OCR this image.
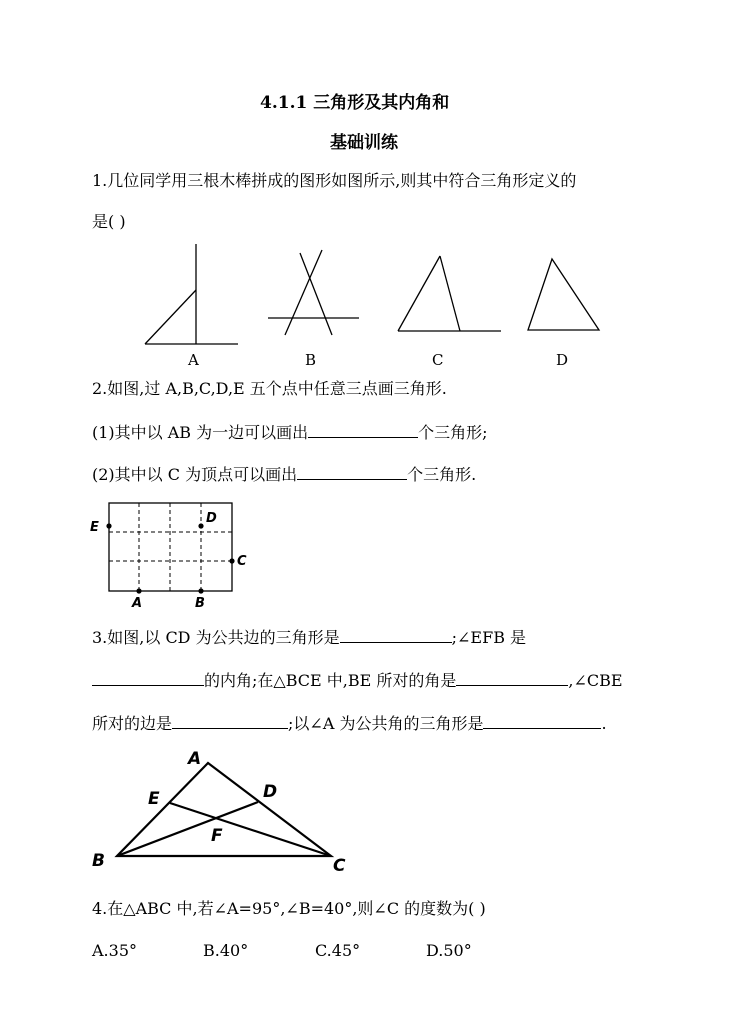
4.1.1 三角形及其内角和
基础训练
1.几位同学用三根木棒拼成的图形如图所示,则其中符合三角形定义的
是( )
A	B	C	D
2.如图,过 A,B,C,D,E 五个点中任意三点画三角形.
(1)其中以 AB 为一边可以画出	个三角形;
(2)其中以 C 为顶点可以画出	个三角形.
E
D
C
A	B
3.如图,以 CD 为公共边的三角形是	;∠EFB 是
的内角;在△BCE 中,BE 所对的角是	,∠CBE
所对的边是	;以∠A 为公共角的三角形是	.
A
E	D
F
B	C
4.在△ABC 中,若∠A=95°,∠B=40°,则∠C 的度数为( )
A.35°	B.40°	C.45°	D.50°
